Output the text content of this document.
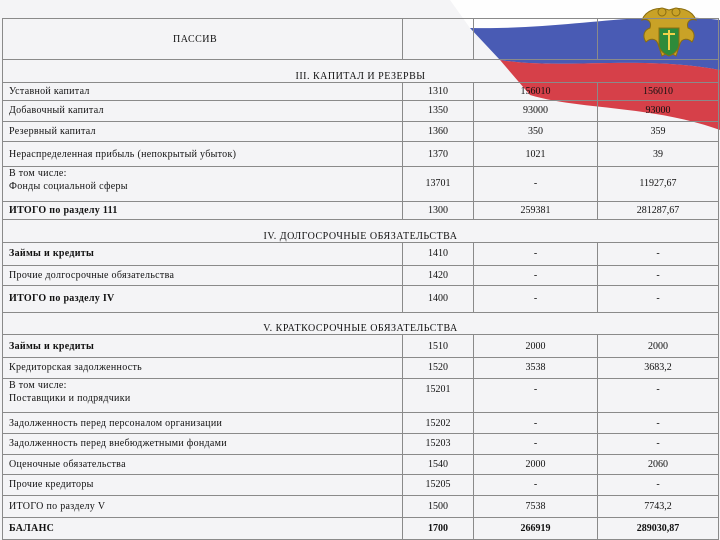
ПАССИВ			
III. КАПИТАЛ И РЕЗЕРВЫ			
Уставной капитал	1310	156010	156010
Добавочный капитал	1350	93000	93000
Резервный капитал	1360	350	359
Нераспределенная прибыль (непокрытый убыток)	1370	1021	39

В том числе:
Фонды социальной сферы	13701	-	11927,67
ИТОГО по разделу 111	1300	259381	281287,67
IV. ДОЛГОСРОЧНЫЕ ОБЯЗАТЕЛЬСТВА			
Займы и кредиты	1410	-	-
Прочие долгосрочные обязательства	1420	-	-
ИТОГО по разделу IV	1400	-	-
V. КРАТКОСРОЧНЫЕ ОБЯЗАТЕЛЬСТВА			
Займы и кредиты	1510	2000	2000
Кредиторская задолженность	1520	3538	3683,2

В том числе:
Поставщики и подрядчики	15201	-	-
Задолженность перед персоналом организации	15202	-	-
Задолженность перед внебюджетными фондами	15203	-	-
Оценочные обязательства	1540	2000	2060
Прочие кредиторы	15205	-	-
ИТОГО по разделу V	1500	7538	7743,2
БАЛАНС	1700	266919	289030,87
